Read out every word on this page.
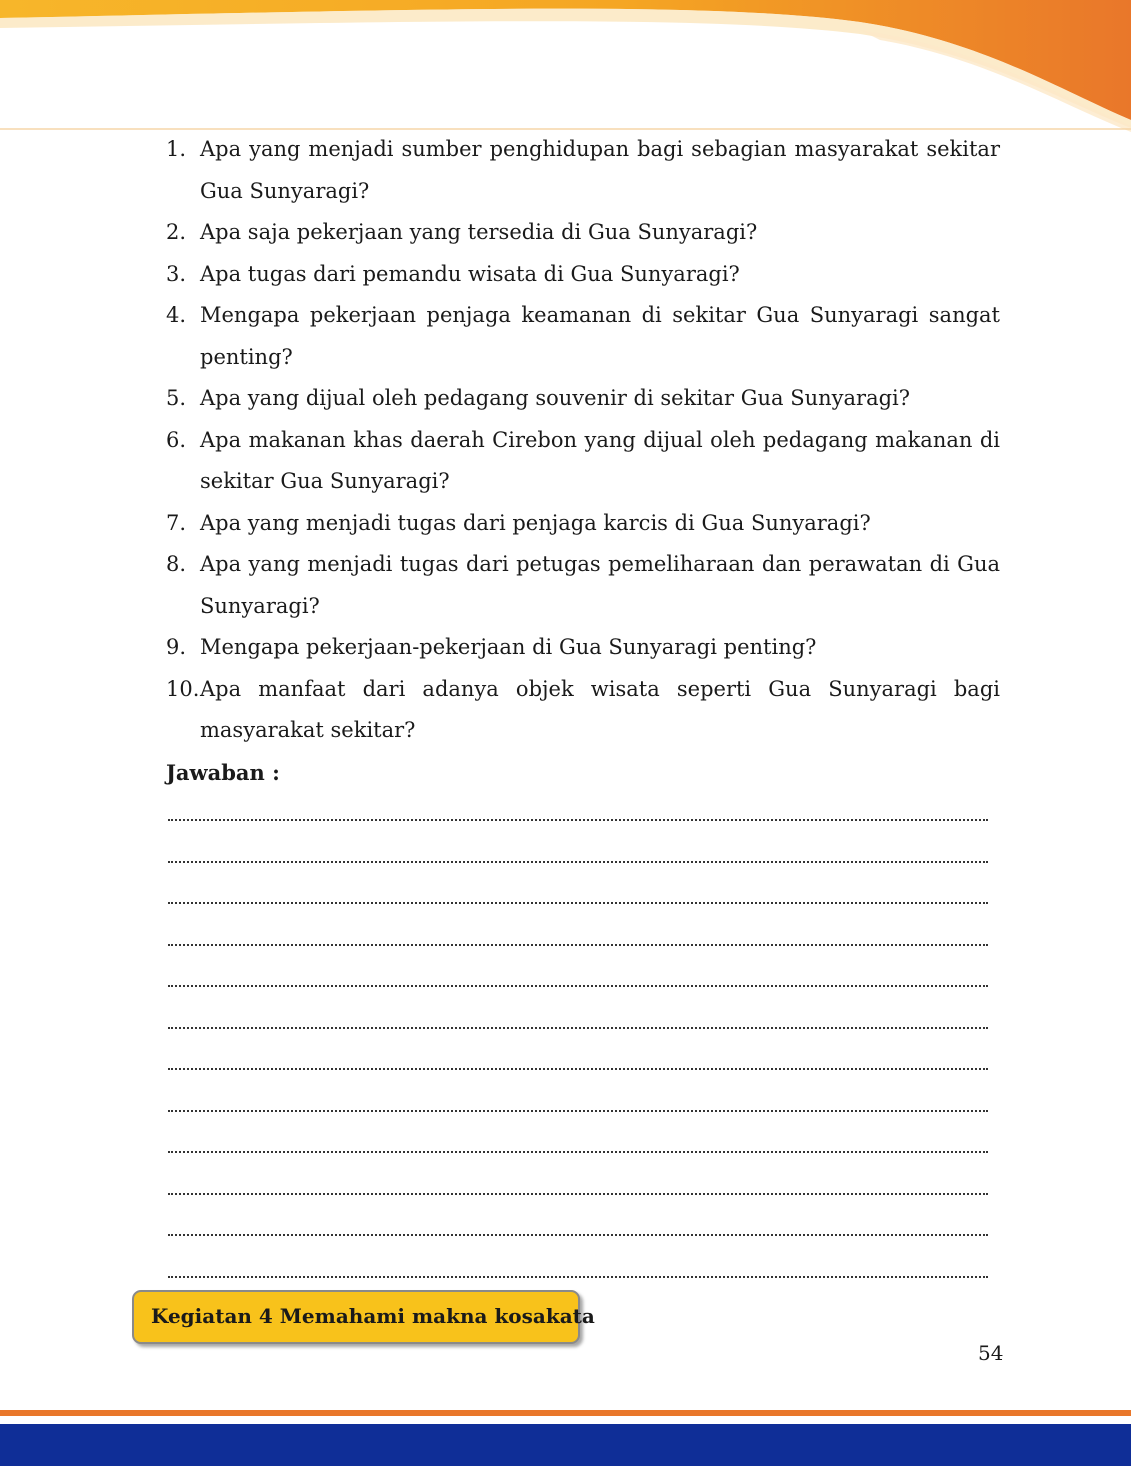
1. Apa yang menjadi sumber penghidupan bagi sebagian masyarakat sekitar Gua Sunyaragi?
2. Apa saja pekerjaan yang tersedia di Gua Sunyaragi?
3. Apa tugas dari pemandu wisata di Gua Sunyaragi?
4. Mengapa pekerjaan penjaga keamanan di sekitar Gua Sunyaragi sangat penting?
5. Apa yang dijual oleh pedagang souvenir di sekitar Gua Sunyaragi?
6. Apa makanan khas daerah Cirebon yang dijual oleh pedagang makanan di sekitar Gua Sunyaragi?
7. Apa yang menjadi tugas dari penjaga karcis di Gua Sunyaragi?
8. Apa yang menjadi tugas dari petugas pemeliharaan dan perawatan di Gua Sunyaragi?
9. Mengapa pekerjaan-pekerjaan di Gua Sunyaragi penting?
10. Apa manfaat dari adanya objek wisata seperti Gua Sunyaragi bagi masyarakat sekitar?
Jawaban :
Kegiatan 4 Memahami makna kosakata
54
